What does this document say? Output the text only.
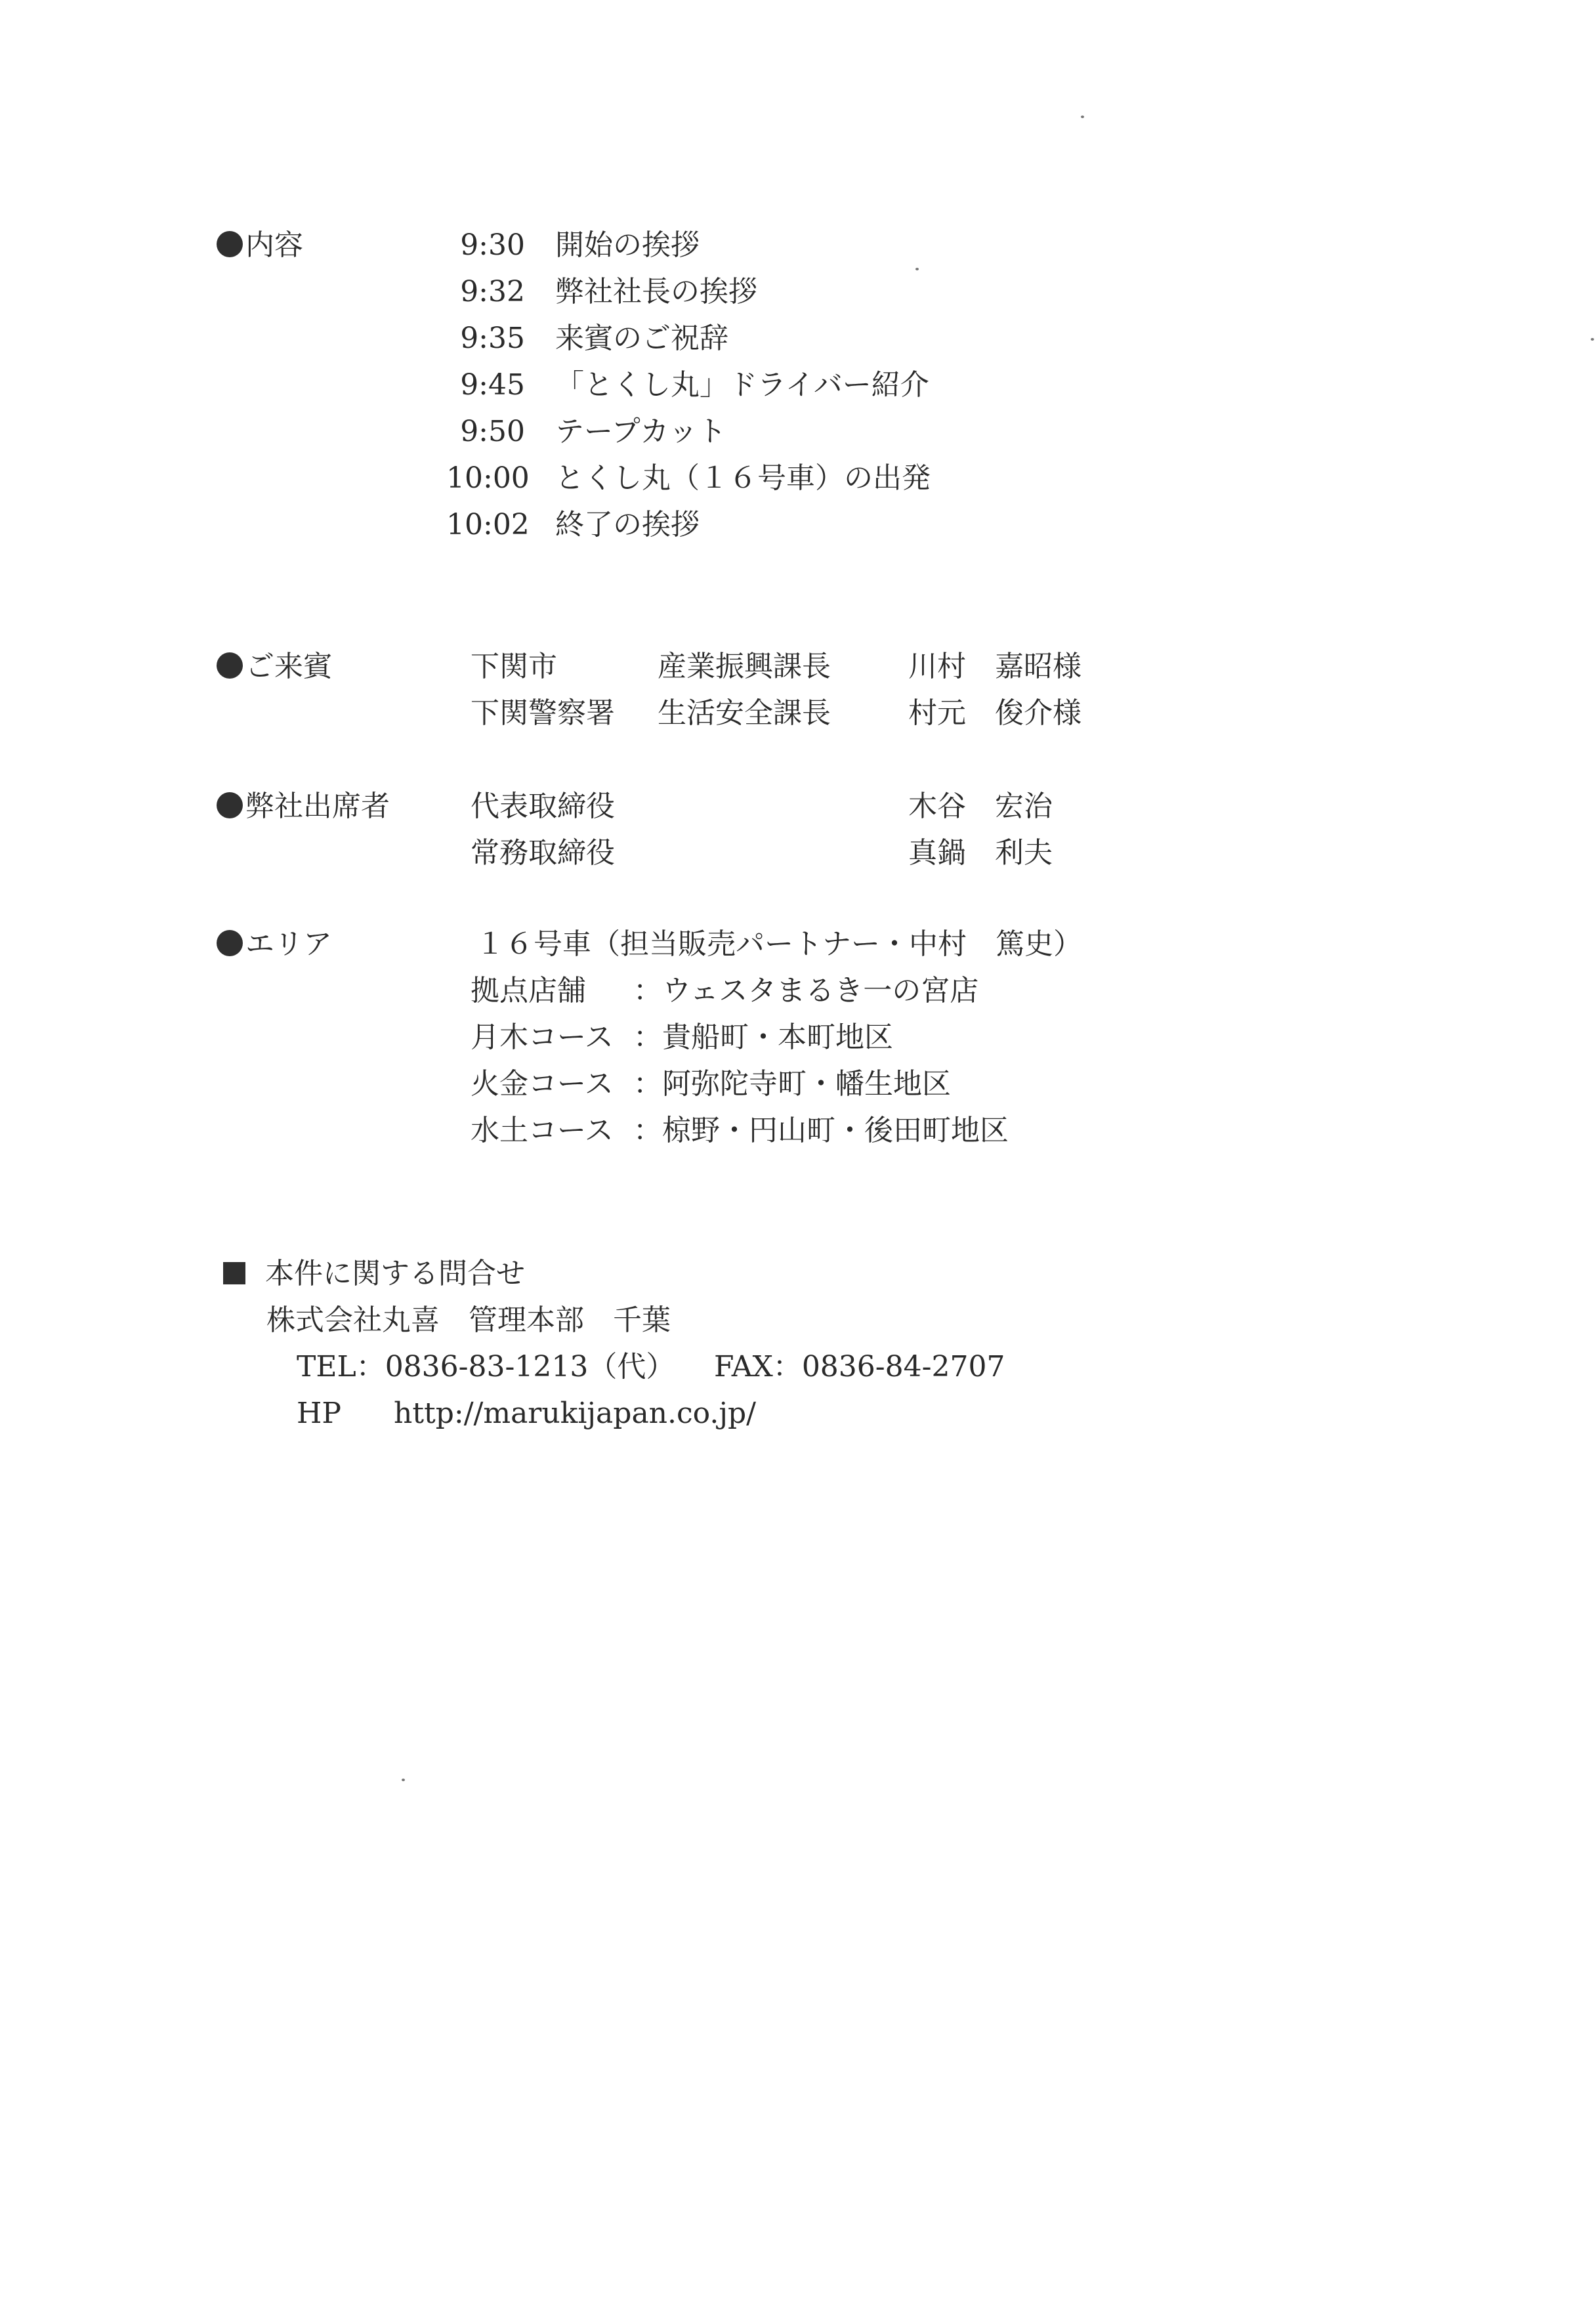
内容	9:30 開始の挨拶
9:32 弊社社長の挨拶
9:35 来賓のご祝辞
9:45 「とくし丸」ドライバー紹介
9:50 テープカット
10:00 とくし丸（１６号車）の出発
10:02 終了の挨拶
ご来賓	下関市	産業振興課長	川村　嘉昭様
下関警察署 生活安全課長	村元　俊介様
弊社出席者	代表取締役	木谷　宏治
常務取締役	真鍋　利夫
エリア	１６号車（担当販売パートナー・中村　篤史）
拠点店舗 ：ウェスタまるき一の宮店
月木コース ：貴船町・本町地区
火金コース ：阿弥陀寺町・幡生地区
水土コース ：椋野・円山町・後田町地区
本件に関する問合せ
株式会社丸喜　管理本部　千葉
TEL：0836-83-1213（代） FAX：0836-84-2707
HP http://marukijapan.co.jp/
